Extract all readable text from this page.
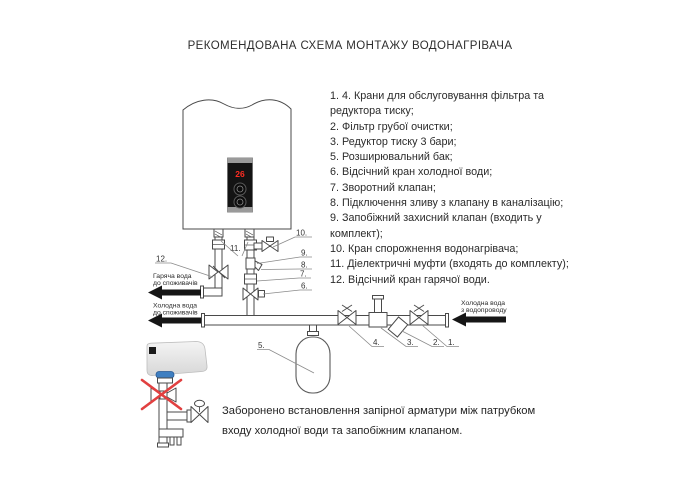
РЕКОМЕНДОВАНА СХЕМА МОНТАЖУ ВОДОНАГРІВАЧА
1. 4. Крани для обслуговування фільтра та
редуктора тиску;
2. Фільтр грубої очистки;
3. Редуктор тиску 3 бари;
5. Розширювальний бак;
6. Відсічний кран холодної води;
7. Зворотний клапан;
8. Підключення зливу з клапану в каналізацію;
9. Запобіжний захисний клапан (входить у
комплект);
10. Кран спорожнення водонагрівача;
11. Діелектричні муфти (входять до комплекту);
12. Відсічний кран гарячої води.
26
Гаряча вода
до споживачів
Холодна вода
до споживачів
Холодна вода
з водопроводу
12.
11.
10.
9.
8.
7.
6.
5.	4.	3. 2. 1.
Заборонено встановлення запірної арматури між патрубком
входу холодної води та запобіжним клапаном.
